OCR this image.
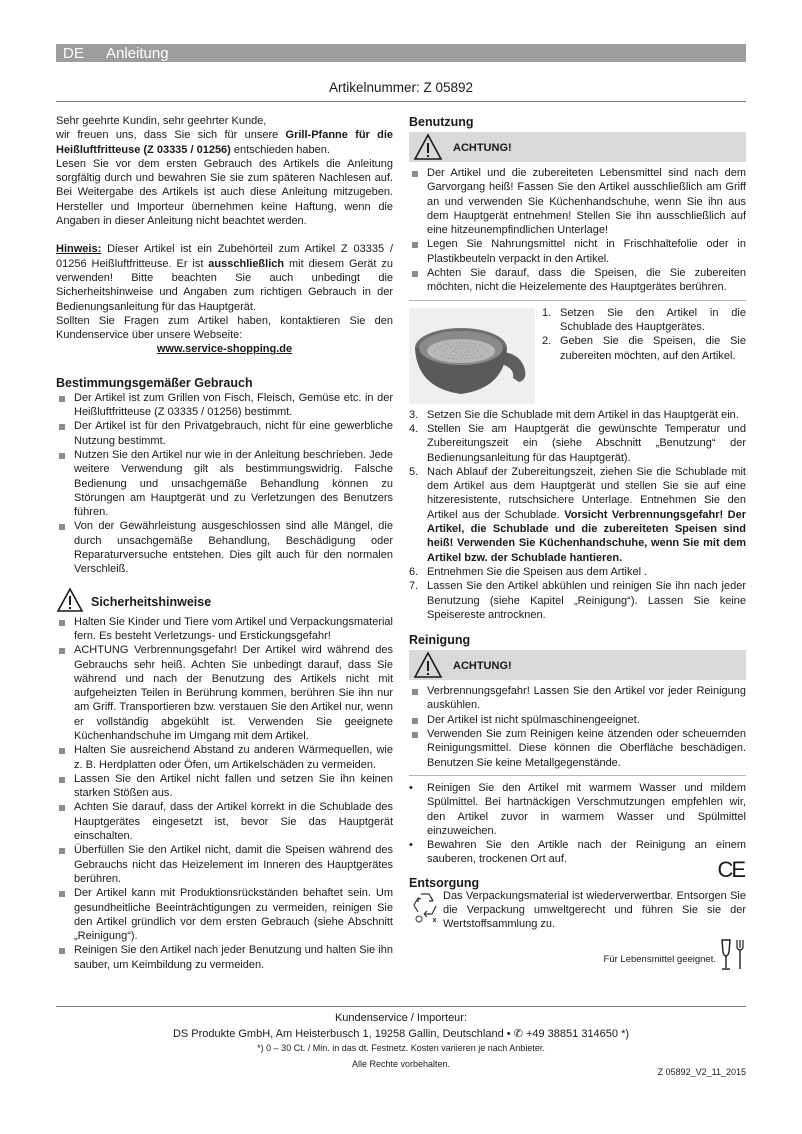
DE Anleitung
Artikelnummer: Z 05892

Sehr geehrte Kundin, sehr geehrter Kunde,

wir freuen uns, dass Sie sich für unsere Grill-Pfanne für die Heißluftfritteuse (Z 03335 / 01256) entschieden haben.

Lesen Sie vor dem ersten Gebrauch des Artikels die Anleitung sorgfältig durch und bewahren Sie sie zum späteren Nachlesen auf. Bei Weitergabe des Artikels ist auch diese Anleitung mitzugeben. Hersteller und Importeur übernehmen keine Haftung, wenn die Angaben in dieser Anleitung nicht beachtet werden.

Hinweis: Dieser Artikel ist ein Zubehörteil zum Artikel Z 03335 / 01256 Heißluftfritteuse. Er ist ausschließlich mit diesem Gerät zu verwenden! Bitte beachten Sie auch unbedingt die Sicherheitshinweise und Angaben zum richtigen Gebrauch in der Bedienungsanleitung für das Hauptgerät.

Sollten Sie Fragen zum Artikel haben, kontaktieren Sie den Kundenservice über unsere Webseite:

www.service-shopping.de

Bestimmungsgemäßer Gebrauch
Der Artikel ist zum Grillen von Fisch, Fleisch, Gemüse etc. in der Heißluftfritteuse (Z 03335 / 01256) bestimmt.
Der Artikel ist für den Privatgebrauch, nicht für eine gewerbliche Nutzung bestimmt.
Nutzen Sie den Artikel nur wie in der Anleitung beschrieben. Jede weitere Verwendung gilt als bestimmungswidrig. Falsche Bedienung und unsachgemäße Behandlung können zu Störungen am Hauptgerät und zu Verletzungen des Benutzers führen.
Von der Gewährleistung ausgeschlossen sind alle Mängel, die durch unsachgemäße Behandlung, Beschädigung oder Reparaturversuche entstehen. Dies gilt auch für den normalen Verschleiß.
Sicherheitshinweise
Halten Sie Kinder und Tiere vom Artikel und Verpackungsmaterial fern. Es besteht Verletzungs- und Erstickungsgefahr!
ACHTUNG Verbrennungsgefahr! Der Artikel wird während des Gebrauchs sehr heiß. Achten Sie unbedingt darauf, dass Sie während und nach der Benutzung des Artikels nicht mit aufgeheizten Teilen in Berührung kommen, berühren Sie ihn nur am Griff. Transportieren bzw. verstauen Sie den Artikel nur, wenn er vollständig abgekühlt ist. Verwenden Sie geeignete Küchenhandschuhe im Umgang mit dem Artikel.
Halten Sie ausreichend Abstand zu anderen Wärmequellen, wie z. B. Herdplatten oder Öfen, um Artikelschäden zu vermeiden.
Lassen Sie den Artikel nicht fallen und setzen Sie ihn keinen starken Stößen aus.
Achten Sie darauf, dass der Artikel korrekt in die Schublade des Hauptgerätes eingesetzt ist, bevor Sie das Hauptgerät einschalten.
Überfüllen Sie den Artikel nicht, damit die Speisen während des Gebrauchs nicht das Heizelement im Inneren des Hauptgerätes berühren.
Der Artikel kann mit Produktionsrückständen behaftet sein. Um gesundheitliche Beeinträchtigungen zu vermeiden, reinigen Sie den Artikel gründlich vor dem ersten Gebrauch (siehe Abschnitt „Reinigung“).
Reinigen Sie den Artikel nach jeder Benutzung und halten Sie ihn sauber, um Keimbildung zu vermeiden.
Benutzung
ACHTUNG!
Der Artikel und die zubereiteten Lebensmittel sind nach dem Garvorgang heiß! Fassen Sie den Artikel ausschließlich am Griff an und verwenden Sie Küchenhandschuhe, wenn Sie ihn aus dem Hauptgerät entnehmen! Stellen Sie ihn ausschließlich auf eine hitzeunempfindlichen Unterlage!
Legen Sie Nahrungsmittel nicht in Frischhaltefolie oder in Plastikbeuteln verpackt in den Artikel.
Achten Sie darauf, dass die Speisen, die Sie zubereiten möchten, nicht die Heizelemente des Hauptgerätes berühren.
1. Setzen Sie den Artikel in die Schublade des Hauptgerätes.
2. Geben Sie die Speisen, die Sie zubereiten möchten, auf den Artikel.
3. Setzen Sie die Schublade mit dem Artikel in das Hauptgerät ein.
4. Stellen Sie am Hauptgerät die gewünschte Temperatur und Zubereitungszeit ein (siehe Abschnitt „Benutzung“ der Bedienungsanleitung für das Hauptgerät).
5. Nach Ablauf der Zubereitungszeit, ziehen Sie die Schublade mit dem Artikel aus dem Hauptgerät und stellen Sie sie auf eine hitzeresistente, rutschsichere Unterlage. Entnehmen Sie den Artikel aus der Schublade. Vorsicht Verbrennungsgefahr! Der Artikel, die Schublade und die zubereiteten Speisen sind heiß! Verwenden Sie Küchenhandschuhe, wenn Sie mit dem Artikel bzw. der Schublade hantieren.
6. Entnehmen Sie die Speisen aus dem Artikel .
7. Lassen Sie den Artikel abkühlen und reinigen Sie ihn nach jeder Benutzung (siehe Kapitel „Reinigung“). Lassen Sie keine Speisereste antrocknen.
Reinigung
ACHTUNG!
Verbrennungsgefahr! Lassen Sie den Artikel vor jeder Reinigung auskühlen.
Der Artikel ist nicht spülmaschinengeeignet.
Verwenden Sie zum Reinigen keine ätzenden oder scheuernden Reinigungsmittel. Diese können die Oberfläche beschädigen. Benutzen Sie keine Metallgegenstände.
• Reinigen Sie den Artikel mit warmem Wasser und mildem Spülmittel. Bei hartnäckigen Verschmutzungen empfehlen wir, den Artikel zuvor in warmem Wasser und Spülmittel einzuweichen.
• Bewahren Sie den Artikle nach der Reinigung an einem sauberen, trockenen Ort auf.
Entsorgung
CE

Das Verpackungsmaterial ist wiederverwertbar. Entsorgen Sie die Verpackung umweltgerecht und führen Sie sie der Wertstoffsammlung zu.

Für Lebensmittel geeignet.
Kundenservice / Importeur:
DS Produkte GmbH, Am Heisterbusch 1, 19258 Gallin, Deutschland • ✆ +49 38851 314650 *)
*) 0 – 30 Ct. / Min. in das dt. Festnetz. Kosten variieren je nach Anbieter.
Alle Rechte vorbehalten.
Z 05892_V2_11_2015
